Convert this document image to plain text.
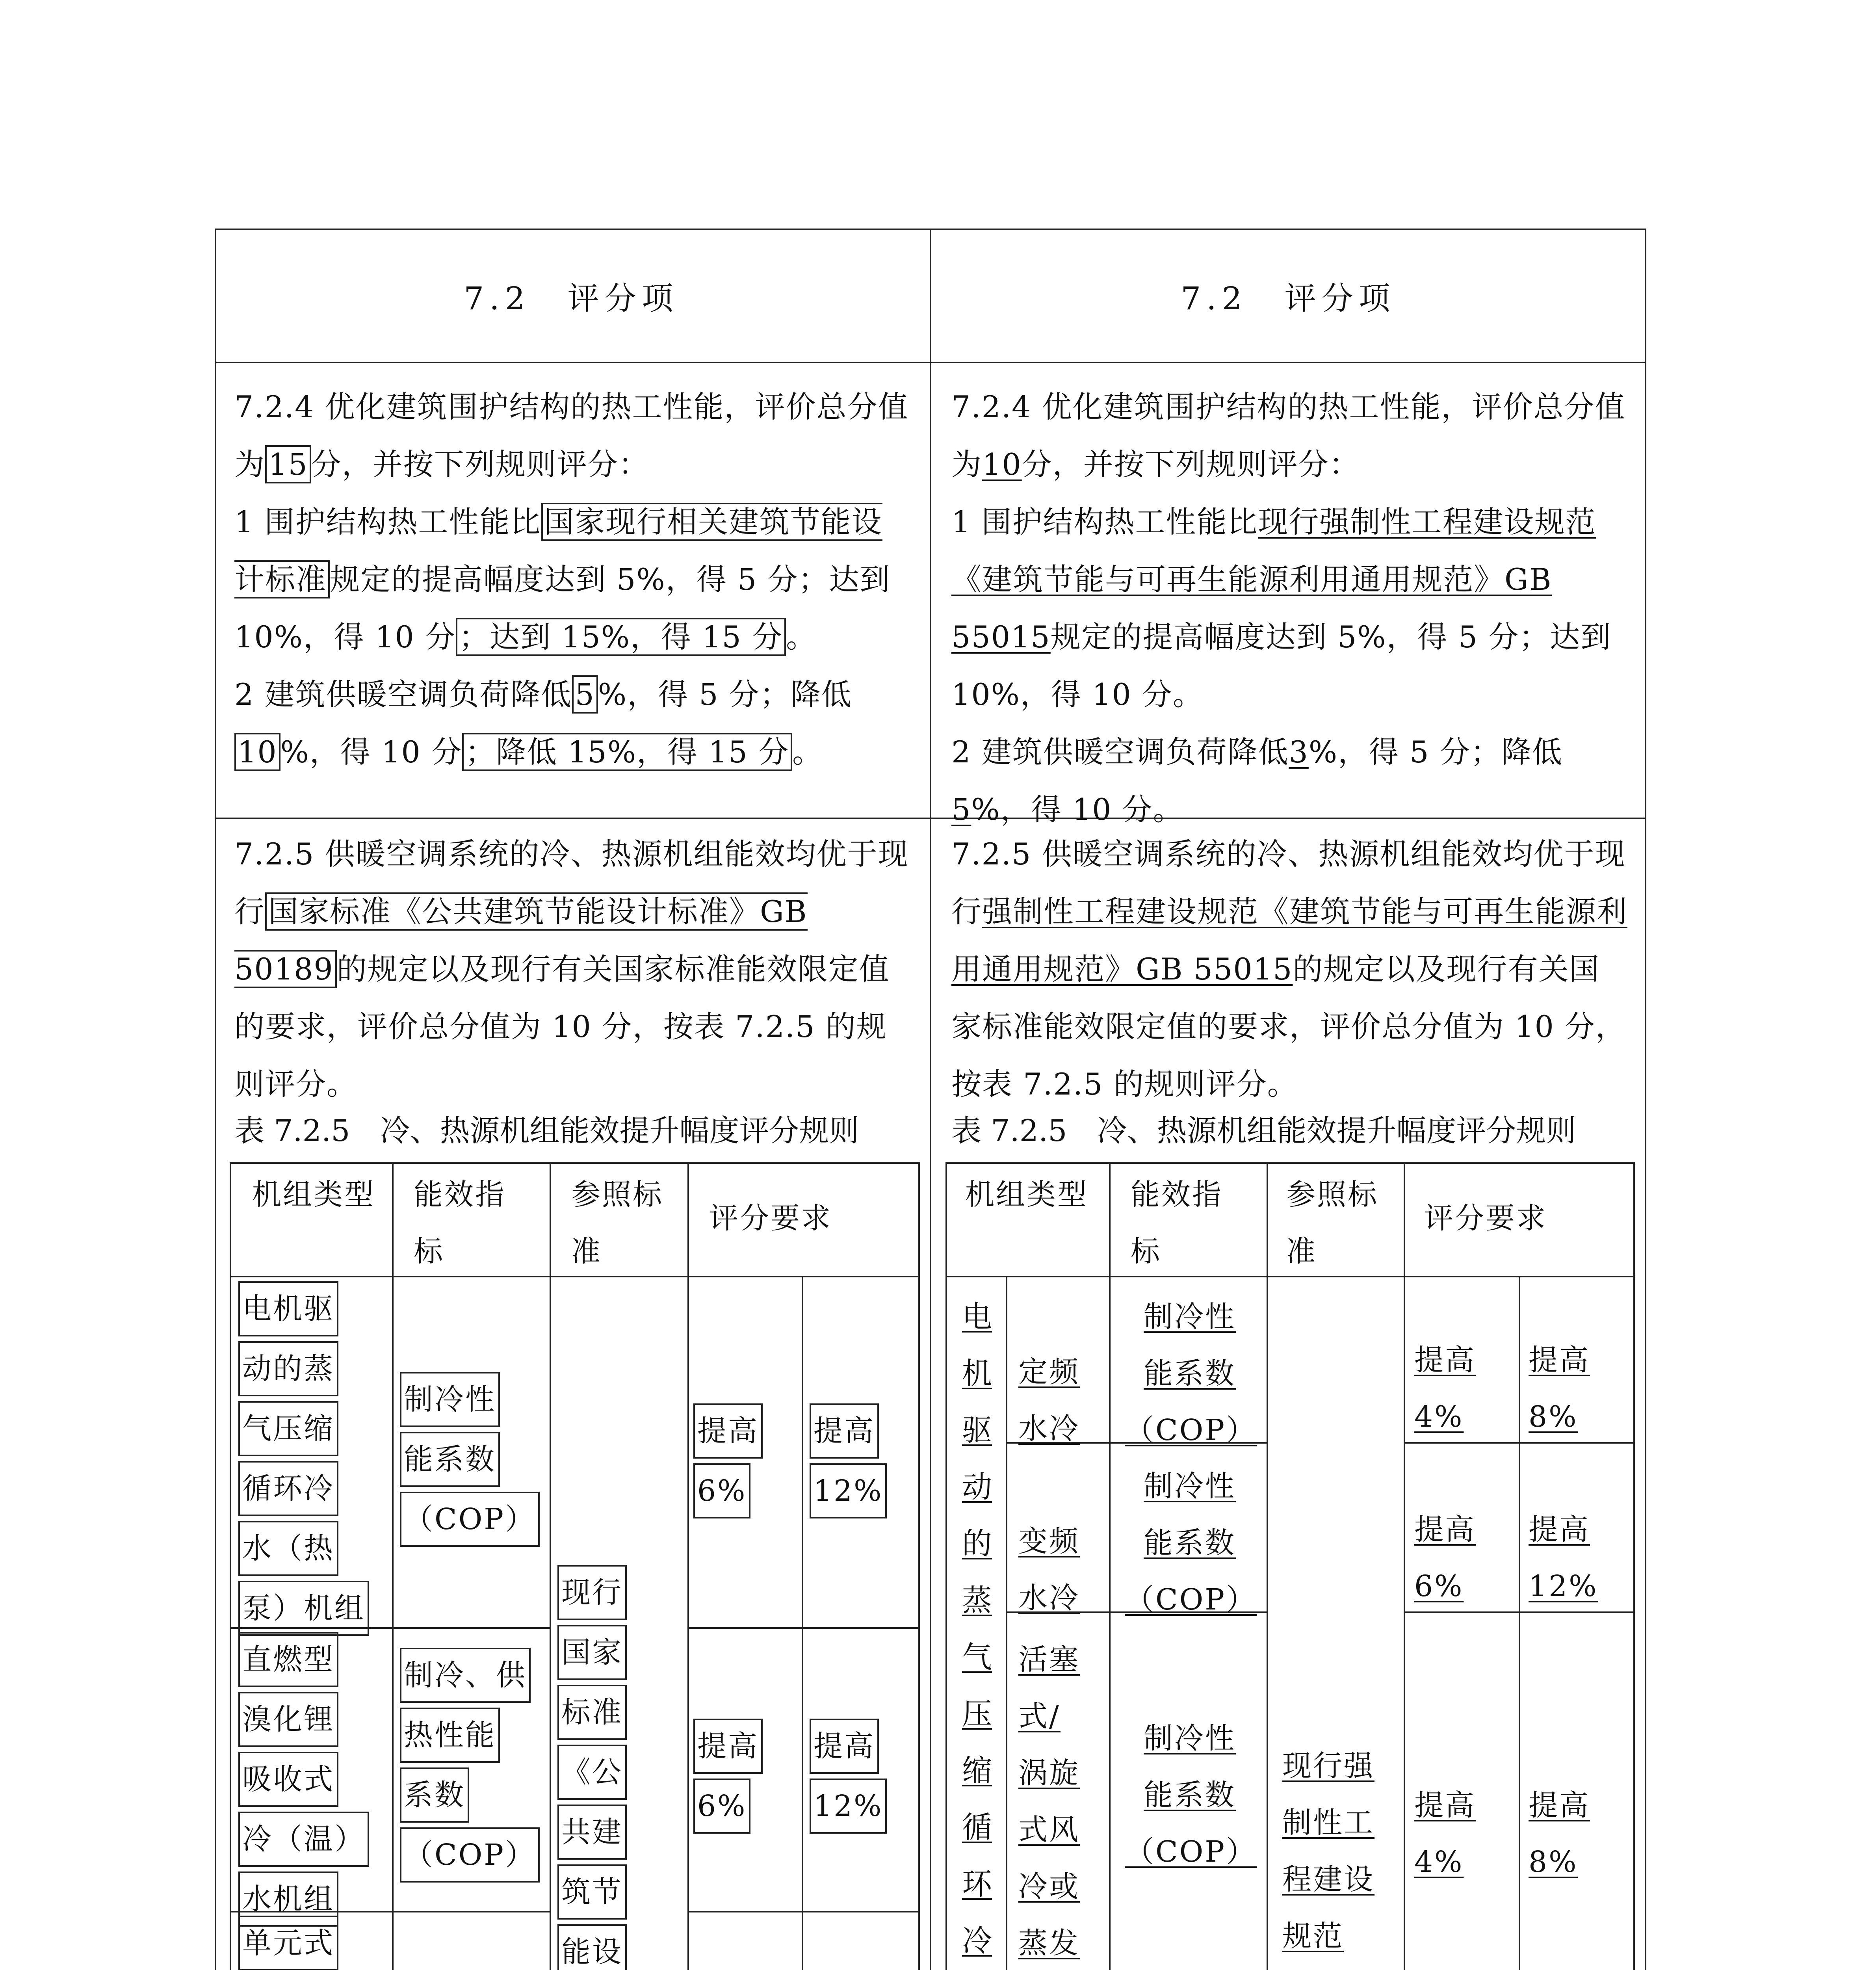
7.2　评分项	7.2　评分项
7.2.4 优化建筑围护结构的热工性能，评价总分值为 15 分，并按下列规则评分：
1 围护结构热工性能比 国家现行相关建筑节能设计标准 规定的提高幅度达到 5%，得 5 分；达到 10%，得 10 分 ；达到 15%，得 15 分 。
2 建筑供暖空调负荷降低 5 %，得 5 分；降低10 %，得 10 分 ；降低 15%，得 15 分 。
7.2.4 优化建筑围护结构的热工性能，评价总分值为10分，并按下列规则评分：
1 围护结构热工性能比现行强制性工程建设规范《建筑节能与可再生能源利用通用规范》GB 55015规定的提高幅度达到 5%，得 5 分；达到 10%，得 10 分。
2 建筑供暖空调负荷降低3%，得 5 分；降低5%，得 10 分。
7.2.5 供暖空调系统的冷、热源机组能效均优于现行 国家标准《公共建筑节能设计标准》GB 50189 的规定以及现行有关国家标准能效限定值的要求，评价总分值为 10 分，按表 7.2.5 的规则评分。
表 7.2.5　冷、热源机组能效提升幅度评分规则
7.2.5 供暖空调系统的冷、热源机组能效均优于现行强制性工程建设规范《建筑节能与可再生能源利用通用规范》GB 55015的规定以及现行有关国家标准能效限定值的要求，评价总分值为 10 分，按表 7.2.5 的规则评分。
表 7.2.5　冷、热源机组能效提升幅度评分规则
机组类型 能效指标
参照标准
评分要求
电机驱
动的蒸
气压缩
循环冷
水（热
泵）机组
制冷性
能系数
（COP）
提高
6%
提高
12%
现行
国家
标准
《公
共建
筑节
能设

直燃型
溴化锂
吸收式
冷（温）
水机组
制冷、供
热性能
系数
（COP）
提高
6%
提高
12%
单元式

机组类型 能效指标
参照标准
评分要求
电
机
驱
动
的
蒸
气
压
缩
循
环
冷
定频
水冷
变频
水冷
活塞
式/
涡旋
式风
冷或
蒸发
制冷性
能系数
（COP）
制冷性
能系数
（COP）
制冷性
能系数
（COP）
现行强
制性工
程建设
规范
提高
4%
提高
8%
提高
6%
提高
12%
提高
4%
提高
8%
